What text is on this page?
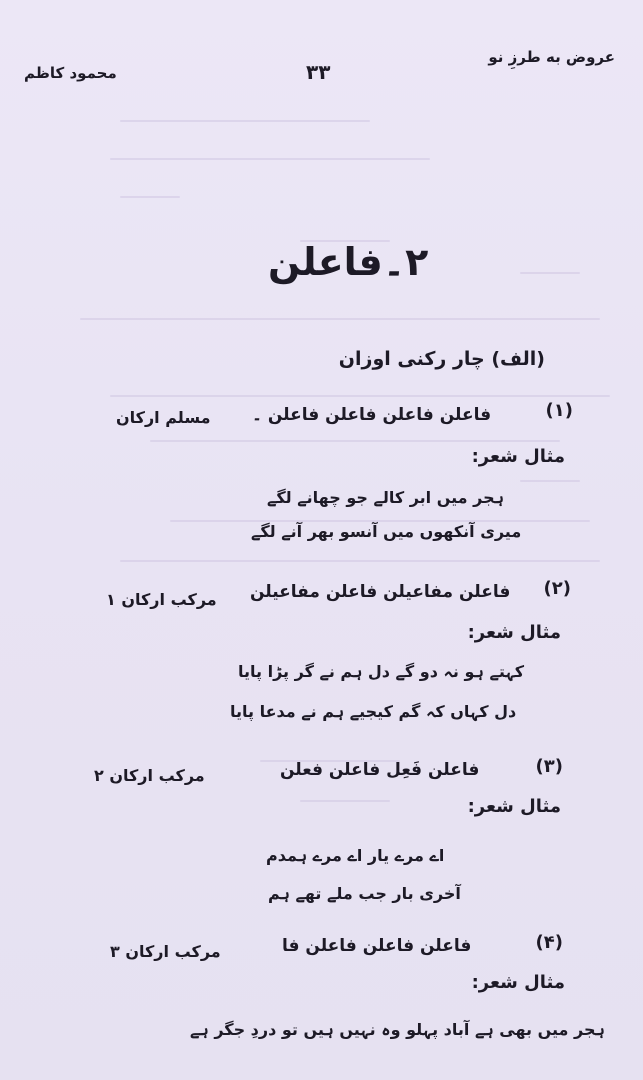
عروض به طرزِ نو
۳۳
محمود کاظم
۲۔فاعلن
(الف) چار رکنی اوزان
(۱)
فاعلن فاعلن فاعلن فاعلن ۔
مسلم ارکان
مثال شعر:
ہجر میں ابر کالے جو چھانے لگے
میری آنکھوں میں آنسو بھر آنے لگے
(۲)
فاعلن مفاعیلن فاعلن مفاعیلن
مرکب ارکان ۱
مثال شعر:
کہتے ہو نہ دو گے دل ہم نے گر پڑا پایا
دل کہاں کہ گم کیجیے ہم نے مدعا پایا
(۳)
فاعلن فَعِل فاعلن فعلن
مرکب ارکان ۲
مثال شعر:
اے مرے یار اے مرے ہمدم
آخری بار جب ملے تھے ہم
(۴)
فاعلن فاعلن فاعلن فا
مرکب ارکان ۳
مثال شعر:
ہجر میں بھی ہے آباد پہلو وہ نہیں ہیں تو دردِ جگر ہے
